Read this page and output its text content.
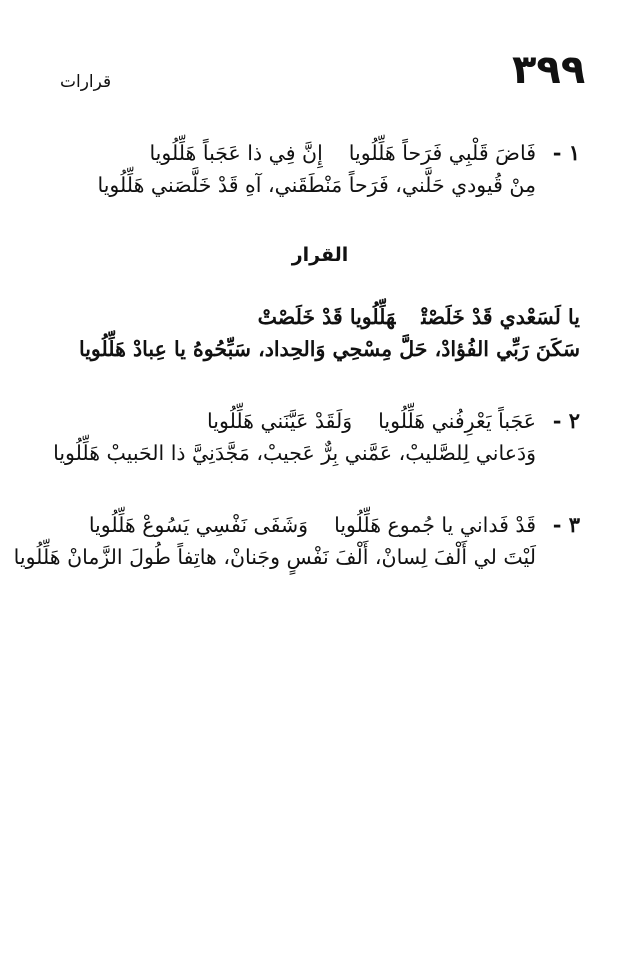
٣٩٩
قرارات
١ -
فَاضَ قَلْبِي فَرَحاً هَلِّلُوياإِنَّ فِي ذا عَجَباً هَلِّلُويا
مِنْ قُيودي حَلَّني، فَرَحاً مَنْطَقَني، آهِ قَدْ خَلَّصَني هَلِّلُويا
القرار
يا لَسَعْدي قَدْ خَلَصْتْهَلِّلُويا قَدْ خَلَصْتْ
سَكَنَ رَبِّي الفُؤادْ، حَلَّ مِسْحِي وَالحِداد، سَبِّحُوهُ يا عِبادْ هَلِّلُويا
٢ -
عَجَباً يَعْرِفُني هَلِّلُوياوَلَقَدْ عَيَّنَني هَلِّلُويا
وَدَعاني لِلصَّليبْ، عَمَّني بِرٌّ عَجيبْ، مَجَّدَنِيَّ ذا الحَبيبْ هَلِّلُويا
٣ -
قَدْ فَداني يا جُموع هَلِّلُوياوَشَفَى نَفْسِي يَسُوعْ هَلِّلُويا
لَيْتَ لي أَلْفَ لِسانْ، أَلْفَ نَفْسٍ وجَنانْ، هاتِفاً طُولَ الزَّمانْ هَلِّلُويا
